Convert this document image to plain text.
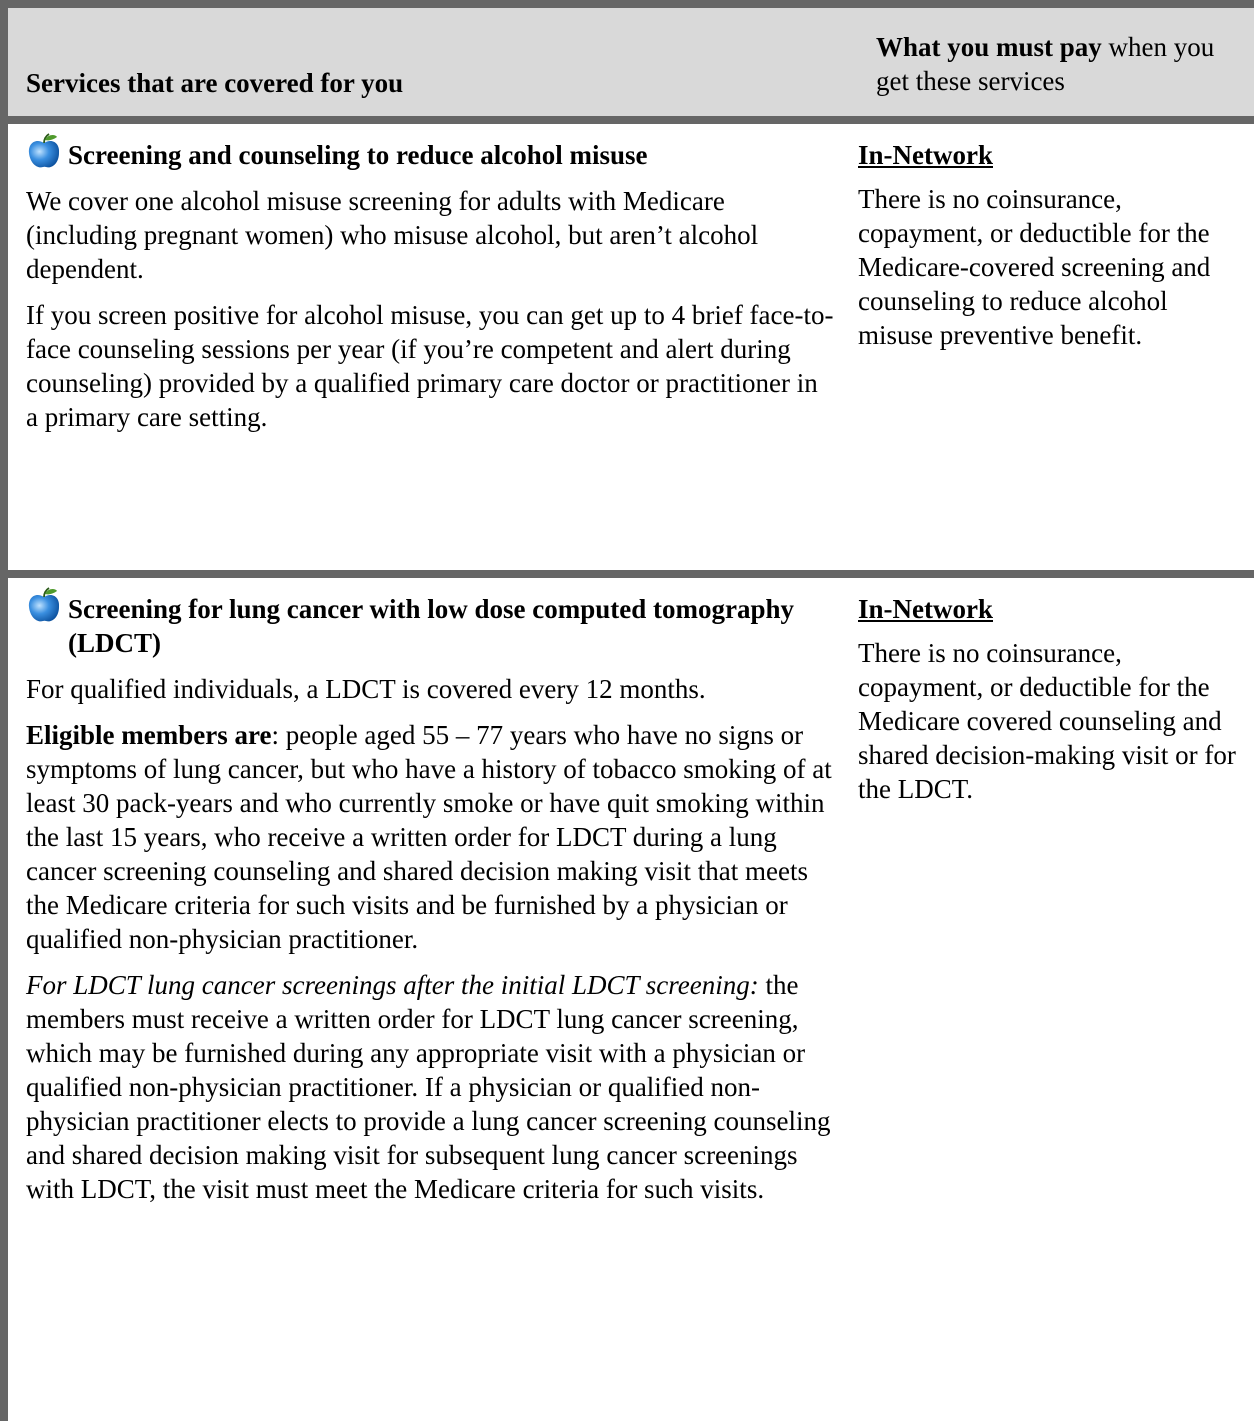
Services that are covered for you
What you must pay when you get these services
Screening and counseling to reduce alcohol misuse
We cover one alcohol misuse screening for adults with Medicare (including pregnant women) who misuse alcohol, but aren’t alcohol dependent.
If you screen positive for alcohol misuse, you can get up to 4 brief face-to-face counseling sessions per year (if you’re competent and alert during counseling) provided by a qualified primary care doctor or practitioner in a primary care setting.
In-Network
There is no coinsurance, copayment, or deductible for the Medicare-covered screening and counseling to reduce alcohol misuse preventive benefit.
Screening for lung cancer with low dose computed tomography (LDCT)
For qualified individuals, a LDCT is covered every 12 months.
Eligible members are: people aged 55 – 77 years who have no signs or symptoms of lung cancer, but who have a history of tobacco smoking of at least 30 pack-years and who currently smoke or have quit smoking within the last 15 years, who receive a written order for LDCT during a lung cancer screening counseling and shared decision making visit that meets the Medicare criteria for such visits and be furnished by a physician or qualified non-physician practitioner.
For LDCT lung cancer screenings after the initial LDCT screening: the members must receive a written order for LDCT lung cancer screening, which may be furnished during any appropriate visit with a physician or qualified non-physician practitioner. If a physician or qualified non-physician practitioner elects to provide a lung cancer screening counseling and shared decision making visit for subsequent lung cancer screenings with LDCT, the visit must meet the Medicare criteria for such visits.
In-Network
There is no coinsurance, copayment, or deductible for the Medicare covered counseling and shared decision-making visit or for the LDCT.
